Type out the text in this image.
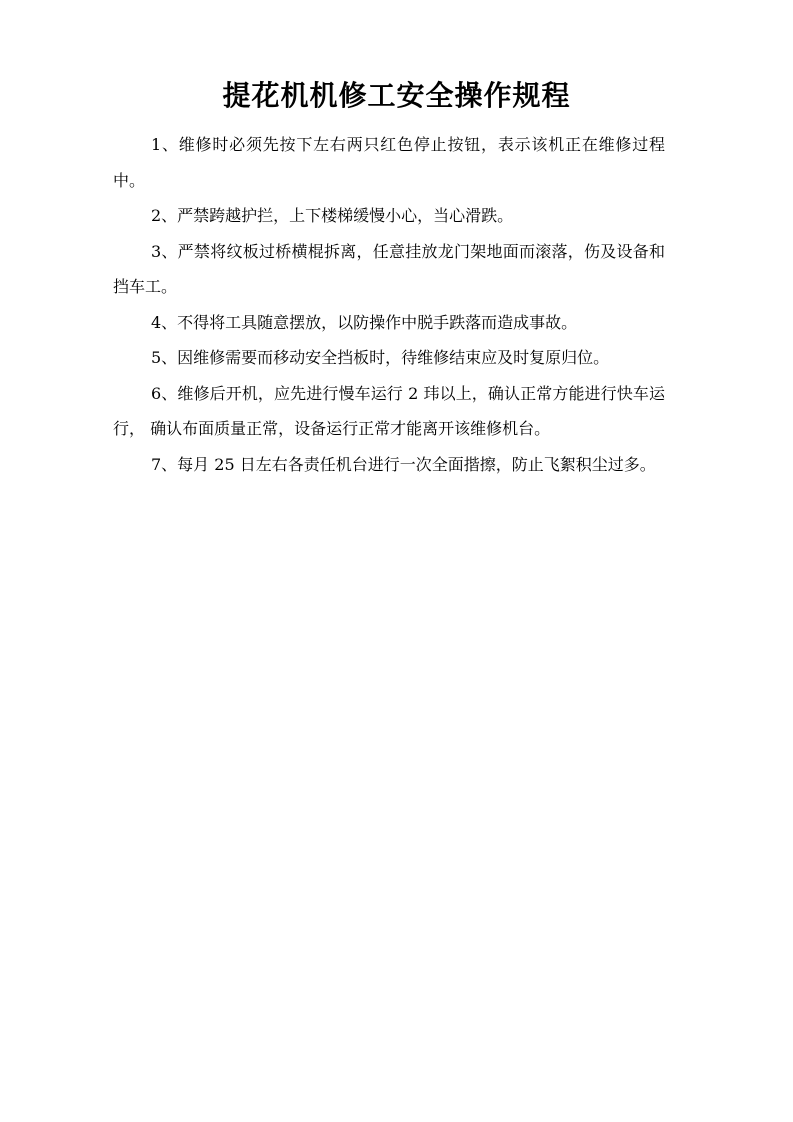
提花机机修工安全操作规程

1、维修时必须先按下左右两只红色停止按钮，表示该机正在维修过程中。

2、严禁跨越护拦，上下楼梯缓慢小心，当心滑跌。

3、严禁将纹板过桥横棍拆离，任意挂放龙门架地面而滚落，伤及设备和挡车工。

4、不得将工具随意摆放，以防操作中脱手跌落而造成事故。

5、因维修需要而移动安全挡板时，待维修结束应及时复原归位。

6、维修后开机，应先进行慢车运行 2 玮以上，确认正常方能进行快车运行， 确认布面质量正常，设备运行正常才能离开该维修机台。

7、每月 25 日左右各责任机台进行一次全面揩擦，防止飞絮积尘过多。
